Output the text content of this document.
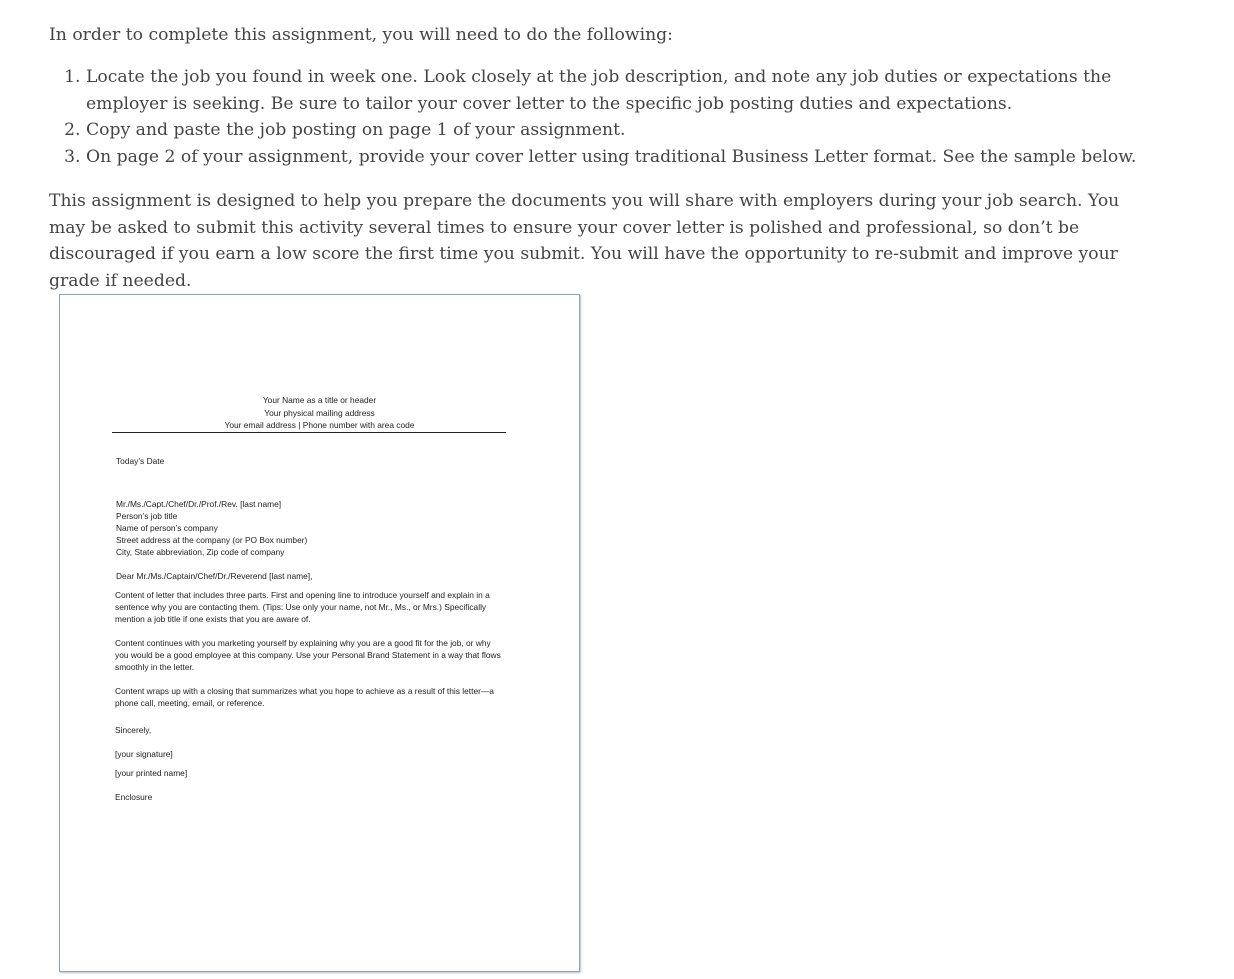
In order to complete this assignment, you will need to do the following:

1. Locate the job you found in week one. Look closely at the job description, and note any job duties or expectations the employer is seeking. Be sure to tailor your cover letter to the specific job posting duties and expectations.
2. Copy and paste the job posting on page 1 of your assignment.
3. On page 2 of your assignment, provide your cover letter using traditional Business Letter format. See the sample below.

This assignment is designed to help you prepare the documents you will share with employers during your job search. You may be asked to submit this activity several times to ensure your cover letter is polished and professional, so don’t be discouraged if you earn a low score the first time you submit. You will have the opportunity to re-submit and improve your grade if needed.

Your Name as a title or header
Your physical mailing address
Your email address | Phone number with area code
Today’s Date
Mr./Ms./Capt./Chef/Dr./Prof./Rev. [last name]
Person’s job title
Name of person’s company
Street address at the company (or PO Box number)
City, State abbreviation, Zip code of company
Dear Mr./Ms./Captain/Chef/Dr./Reverend [last name],
Content of letter that includes three parts. First and opening line to introduce yourself and explain in a
sentence why you are contacting them. (Tips: Use only your name, not Mr., Ms., or Mrs.) Specifically
mention a job title if one exists that you are aware of.
Content continues with you marketing yourself by explaining why you are a good fit for the job, or why
you would be a good employee at this company. Use your Personal Brand Statement in a way that flows
smoothly in the letter.
Content wraps up with a closing that summarizes what you hope to achieve as a result of this letter—a
phone call, meeting, email, or reference.
Sincerely,
[your signature]
[your printed name]
Enclosure
